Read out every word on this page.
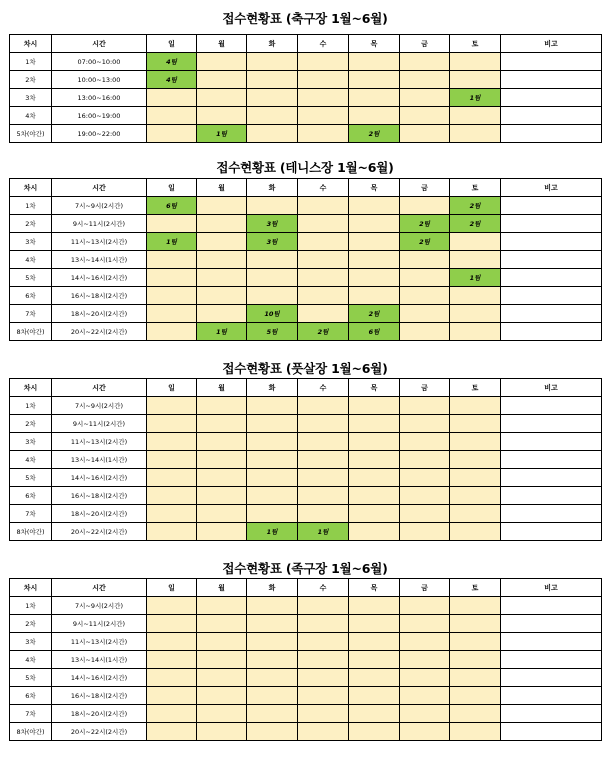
접수현황표 (축구장 1월~6월)
차시	시간	일	월	화	수	목	금	토	비고
1차	07:00~10:00	4팀							
2차	10:00~13:00	4팀							
3차	13:00~16:00							1팀	
4차	16:00~19:00								
5차(야간)	19:00~22:00		1팀			2팀			
접수현황표 (테니스장 1월~6월)
차시	시간	일	월	화	수	목	금	토	비고
1차	7시~9시(2시간)	6팀						2팀	
2차	9시~11시(2시간)			3팀			2팀	2팀	
3차	11시~13시(2시간)	1팀		3팀			2팀		
4차	13시~14시(1시간)								
5차	14시~16시(2시간)							1팀	
6차	16시~18시(2시간)								
7차	18시~20시(2시간)			10팀		2팀			
8차(야간)	20시~22시(2시간)		1팀	5팀	2팀	6팀			
접수현황표 (풋살장 1월~6월)
차시	시간	일	월	화	수	목	금	토	비고
1차	7시~9시(2시간)								
2차	9시~11시(2시간)								
3차	11시~13시(2시간)								
4차	13시~14시(1시간)								
5차	14시~16시(2시간)								
6차	16시~18시(2시간)								
7차	18시~20시(2시간)								
8차(야간)	20시~22시(2시간)			1팀	1팀				
접수현황표 (족구장 1월~6월)
차시	시간	일	월	화	수	목	금	토	비고
1차	7시~9시(2시간)								
2차	9시~11시(2시간)								
3차	11시~13시(2시간)								
4차	13시~14시(1시간)								
5차	14시~16시(2시간)								
6차	16시~18시(2시간)								
7차	18시~20시(2시간)								
8차(야간)	20시~22시(2시간)								
